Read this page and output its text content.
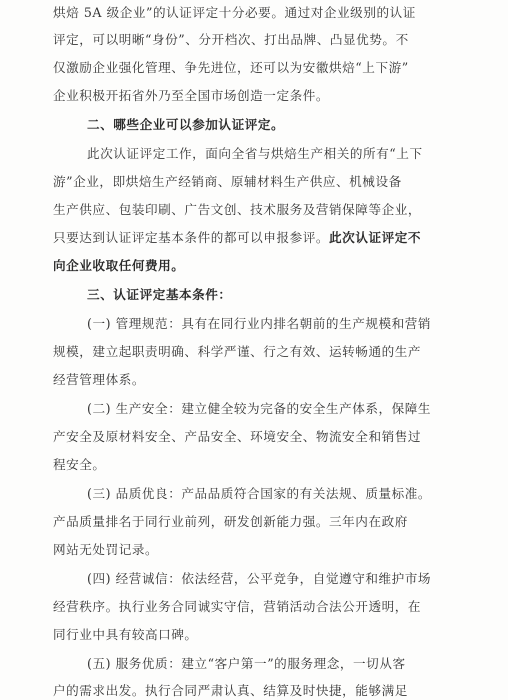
烘焙 5A 级企业”的认证评定十分必要。通过对企业级别的认证
评定，可以明晰“身份”、分开档次、打出品牌、凸显优势。不
仅激励企业强化管理、争先进位，还可以为安徽烘焙“上下游”
企业积极开拓省外乃至全国市场创造一定条件。
二、哪些企业可以参加认证评定。
此次认证评定工作，面向全省与烘焙生产相关的所有“上下
游”企业，即烘焙生产经销商、原辅材料生产供应、机械设备
生产供应、包装印刷、广告文创、技术服务及营销保障等企业，
只要达到认证评定基本条件的都可以申报参评。此次认证评定不
向企业收取任何费用。
三、认证评定基本条件：
(一) 管理规范：具有在同行业内排名朝前的生产规模和营销
规模，建立起职责明确、科学严谨、行之有效、运转畅通的生产
经营管理体系。
(二) 生产安全：建立健全较为完备的安全生产体系，保障生
产安全及原材料安全、产品安全、环境安全、物流安全和销售过
程安全。
(三) 品质优良：产品品质符合国家的有关法规、质量标准。
产品质量排名于同行业前列，研发创新能力强。三年内在政府
网站无处罚记录。
(四) 经营诚信：依法经营，公平竞争，自觉遵守和维护市场
经营秩序。执行业务合同诚实守信，营销活动合法公开透明，在
同行业中具有较高口碑。
(五) 服务优质：建立“客户第一”的服务理念，一切从客
户的需求出发。执行合同严肃认真、结算及时快捷，能够满足
